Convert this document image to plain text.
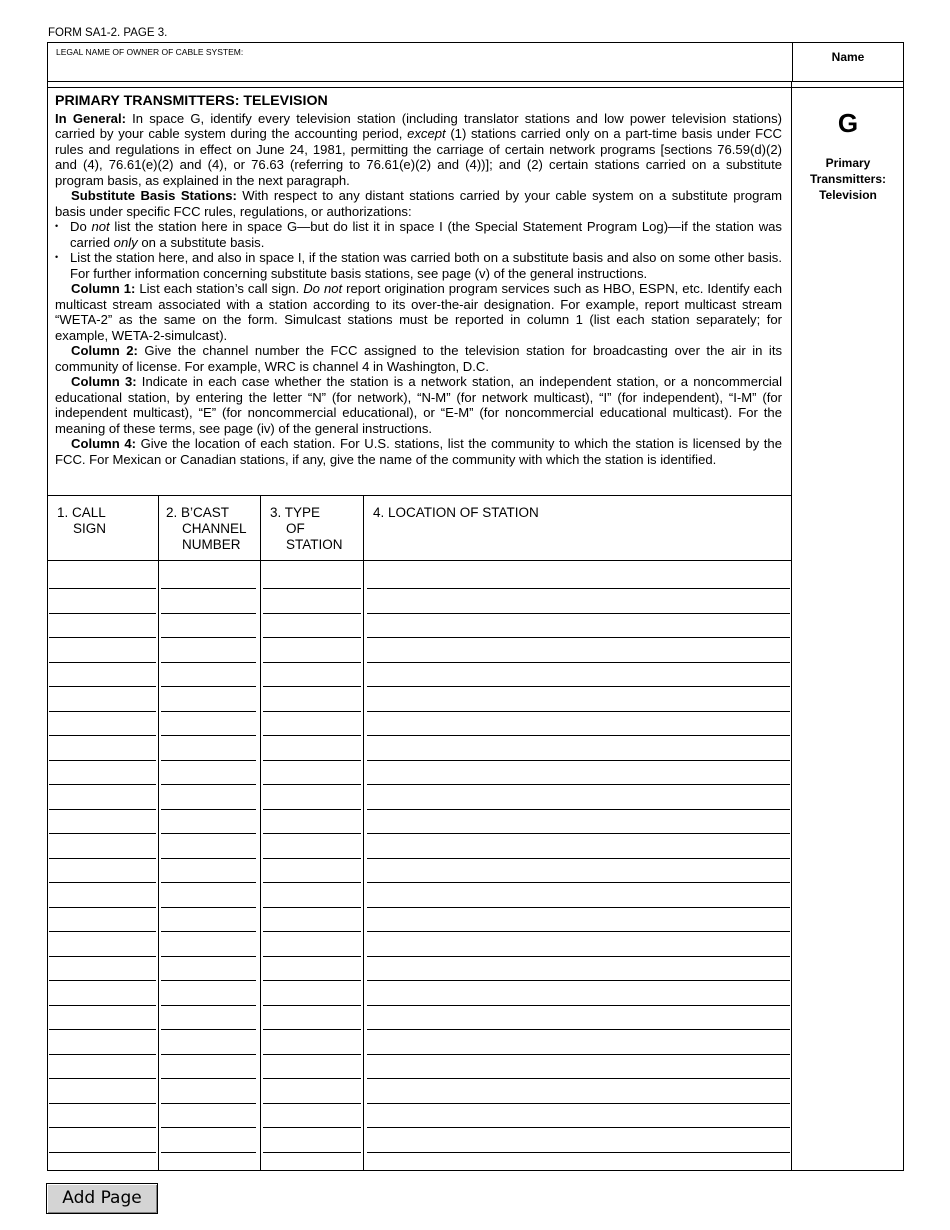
FORM SA1-2. PAGE 3.
LEGAL NAME OF OWNER OF CABLE SYSTEM:	Name
G
Primary
Transmitters:
Television

PRIMARY TRANSMITTERS: TELEVISION

In General: In space G, identify every television station (including translator stations and low power television stations) carried by your cable system during the accounting period, except (1) stations carried only on a part-time basis under FCC rules and regulations in effect on June 24, 1981, permitting the carriage of certain network programs [sections 76.59(d)(2) and (4), 76.61(e)(2) and (4), or 76.63 (referring to 76.61(e)(2) and (4))]; and (2) certain stations carried on a substitute program basis, as explained in the next paragraph.

Substitute Basis Stations: With respect to any distant stations carried by your cable system on a substitute program basis under specific FCC rules, regulations, or authorizations:

• Do not list the station here in space G—but do list it in space I (the Special Statement Program Log)—if the station was carried only on a substitute basis.
• List the station here, and also in space I, if the station was carried both on a substitute basis and also on some other basis. For further information concerning substitute basis stations, see page (v) of the general instructions.

Column 1: List each station’s call sign. Do not report origination program services such as HBO, ESPN, etc. Identify each multicast stream associated with a station according to its over-the-air designation. For example, report multicast stream “WETA-2” as the same on the form. Simulcast stations must be reported in column 1 (list each station separately; for example, WETA-2-simulcast).

Column 2: Give the channel number the FCC assigned to the television station for broadcasting over the air in its community of license. For example, WRC is channel 4 in Washington, D.C.

Column 3: Indicate in each case whether the station is a network station, an independent station, or a noncommercial educational station, by entering the letter “N” (for network), “N-M” (for network multicast), “I” (for independent), “I-M” (for independent multicast), “E” (for noncommercial educational), or “E-M” (for noncommercial educational multicast). For the meaning of these terms, see page (iv) of the general instructions.

Column 4: Give the location of each station. For U.S. stations, list the community to which the station is licensed by the FCC. For Mexican or Canadian stations, if any, give the name of the community with which the station is identified.

1. CALL
SIGN
2. B’CAST
CHANNEL
NUMBER
3. TYPE
OF
STATION
4. LOCATION OF STATION
Add Page
